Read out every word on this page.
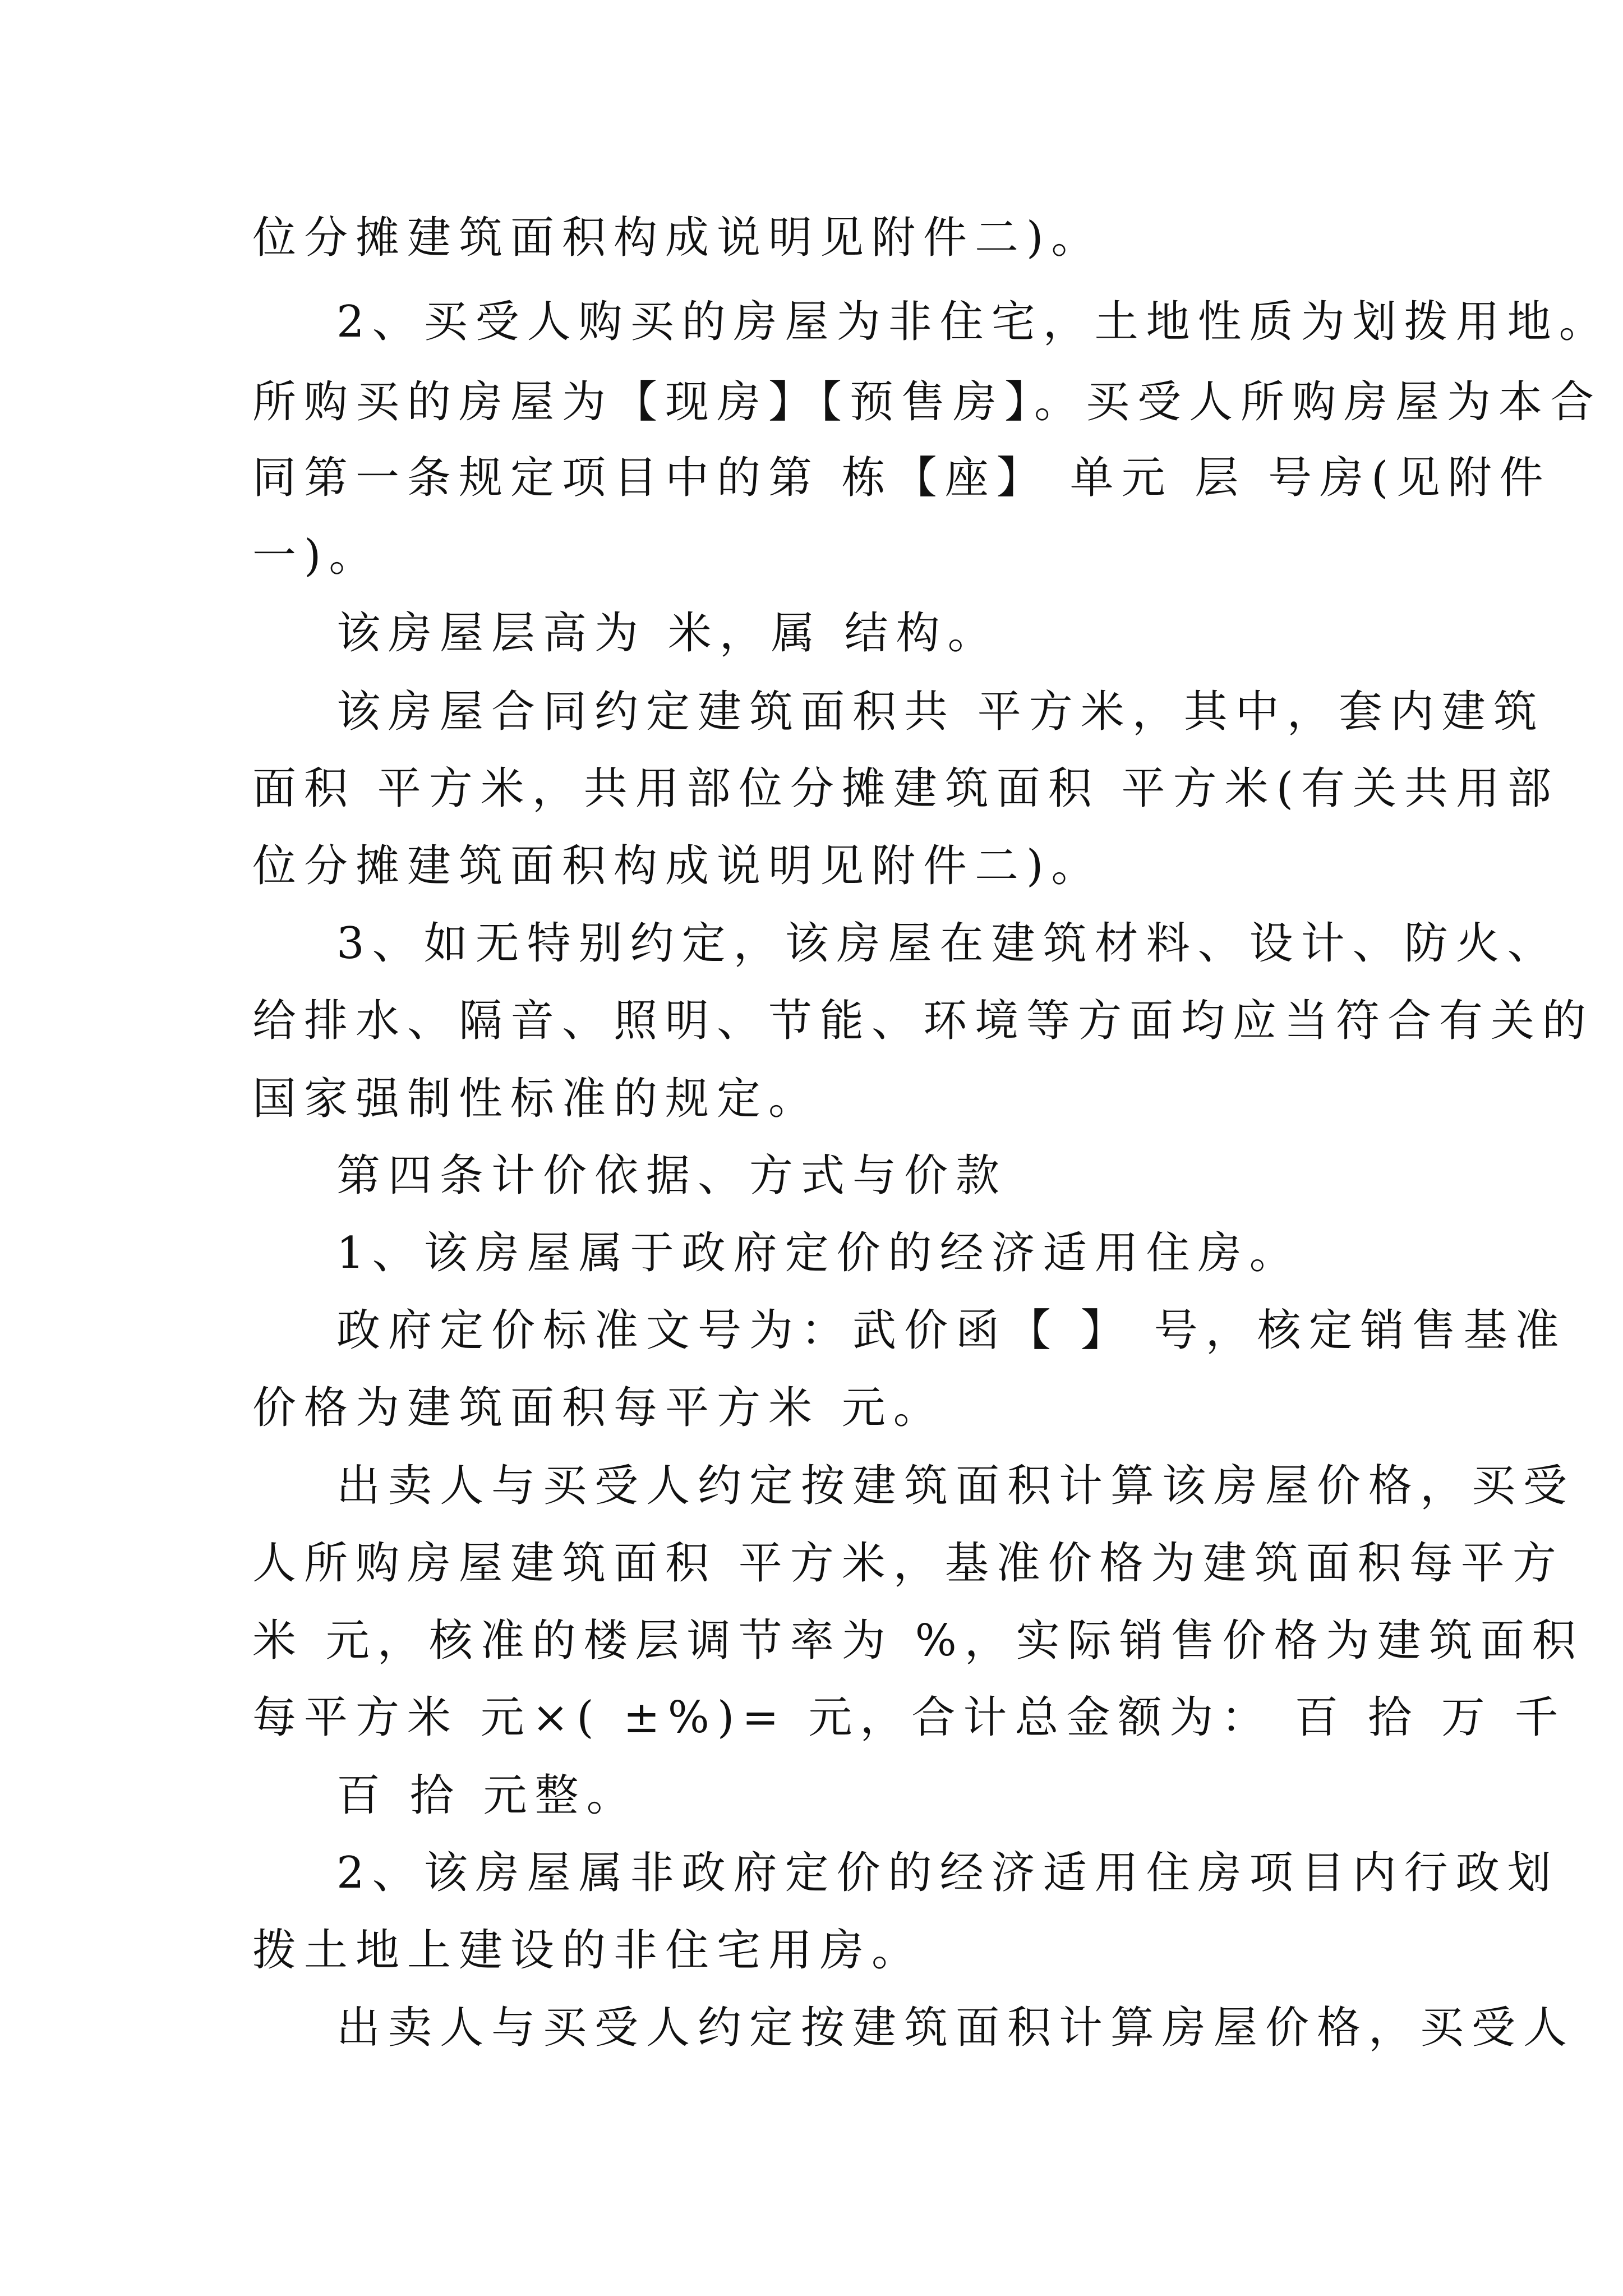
位分摊建筑面积构成说明见附件二)。
2、买受人购买的房屋为非住宅，土地性质为划拨用地。
所购买的房屋为【现房】【预售房】。买受人所购房屋为本合
同第一条规定项目中的第 栋【座】 单元 层 号房(见附件
一)。
该房屋层高为 米，属 结构。
该房屋合同约定建筑面积共 平方米，其中，套内建筑
面积 平方米，共用部位分摊建筑面积 平方米(有关共用部
位分摊建筑面积构成说明见附件二)。
3、如无特别约定，该房屋在建筑材料、设计、防火、
给排水、隔音、照明、节能、环境等方面均应当符合有关的
国家强制性标准的规定。
第四条计价依据、方式与价款
1、该房屋属于政府定价的经济适用住房。
政府定价标准文号为：武价函【 】 号，核定销售基准
价格为建筑面积每平方米 元。
出卖人与买受人约定按建筑面积计算该房屋价格，买受
人所购房屋建筑面积 平方米，基准价格为建筑面积每平方
米 元，核准的楼层调节率为 %，实际销售价格为建筑面积
每平方米 元×( ±%)= 元，合计总金额为： 百 拾 万 千
百 拾 元整。
2、该房屋属非政府定价的经济适用住房项目内行政划
拨土地上建设的非住宅用房。
出卖人与买受人约定按建筑面积计算房屋价格，买受人
